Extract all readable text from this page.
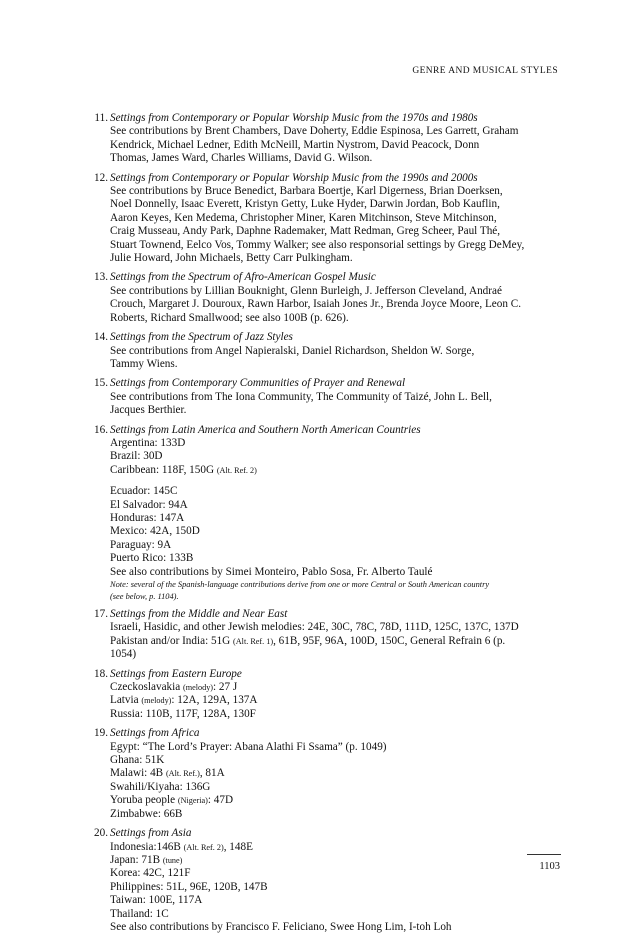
GENRE AND MUSICAL STYLES
11. Settings from Contemporary or Popular Worship Music from the 1970s and 1980s
See contributions by Brent Chambers, Dave Doherty, Eddie Espinosa, Les Garrett, Graham
Kendrick, Michael Ledner, Edith McNeill, Martin Nystrom, David Peacock, Donn
Thomas, James Ward, Charles Williams, David G. Wilson.
12. Settings from Contemporary or Popular Worship Music from the 1990s and 2000s
See contributions by Bruce Benedict, Barbara Boertje, Karl Digerness, Brian Doerksen,
Noel Donnelly, Isaac Everett, Kristyn Getty, Luke Hyder, Darwin Jordan, Bob Kauflin,
Aaron Keyes, Ken Medema, Christopher Miner, Karen Mitchinson, Steve Mitchinson,
Craig Musseau, Andy Park, Daphne Rademaker, Matt Redman, Greg Scheer, Paul Thé,
Stuart Townend, Eelco Vos, Tommy Walker; see also responsorial settings by Gregg DeMey,
Julie Howard, John Michaels, Betty Carr Pulkingham.
13. Settings from the Spectrum of Afro-American Gospel Music
See contributions by Lillian Bouknight, Glenn Burleigh, J. Jefferson Cleveland, Andraé
Crouch, Margaret J. Douroux, Rawn Harbor, Isaiah Jones Jr., Brenda Joyce Moore, Leon C.
Roberts, Richard Smallwood; see also 100B (p. 626).
14. Settings from the Spectrum of Jazz Styles
See contributions from Angel Napieralski, Daniel Richardson, Sheldon W. Sorge,
Tammy Wiens.
15. Settings from Contemporary Communities of Prayer and Renewal
See contributions from The Iona Community, The Community of Taizé, John L. Bell,
Jacques Berthier.
16. Settings from Latin America and Southern North American Countries
Argentina: 133D
Brazil: 30D
Caribbean: 118F, 150G (Alt. Ref. 2)
Ecuador: 145C
El Salvador: 94A
Honduras: 147A
Mexico: 42A, 150D
Paraguay: 9A
Puerto Rico: 133B
See also contributions by Simei Monteiro, Pablo Sosa, Fr. Alberto Taulé
Note: several of the Spanish-language contributions derive from one or more Central or South American country
(see below, p. 1104).
17. Settings from the Middle and Near East
Israeli, Hasidic, and other Jewish melodies: 24E, 30C, 78C, 78D, 111D, 125C, 137C, 137D
Pakistan and/or India: 51G (Alt. Ref. 1), 61B, 95F, 96A, 100D, 150C, General Refrain 6 (p.
1054)
18. Settings from Eastern Europe
Czeckoslavakia (melody): 27 J
Latvia (melody): 12A, 129A, 137A
Russia: 110B, 117F, 128A, 130F
19. Settings from Africa
Egypt: “The Lord’s Prayer: Abana Alathi Fi Ssama” (p. 1049)
Ghana: 51K
Malawi: 4B (Alt. Ref.), 81A
Swahili/Kiyaha: 136G
Yoruba people (Nigeria): 47D
Zimbabwe: 66B
20. Settings from Asia
Indonesia:146B (Alt. Ref. 2), 148E
Japan: 71B (tune)
Korea: 42C, 121F
Philippines: 51L, 96E, 120B, 147B
Taiwan: 100E, 117A
Thailand: 1C
See also contributions by Francisco F. Feliciano, Swee Hong Lim, I-toh Loh
1103
